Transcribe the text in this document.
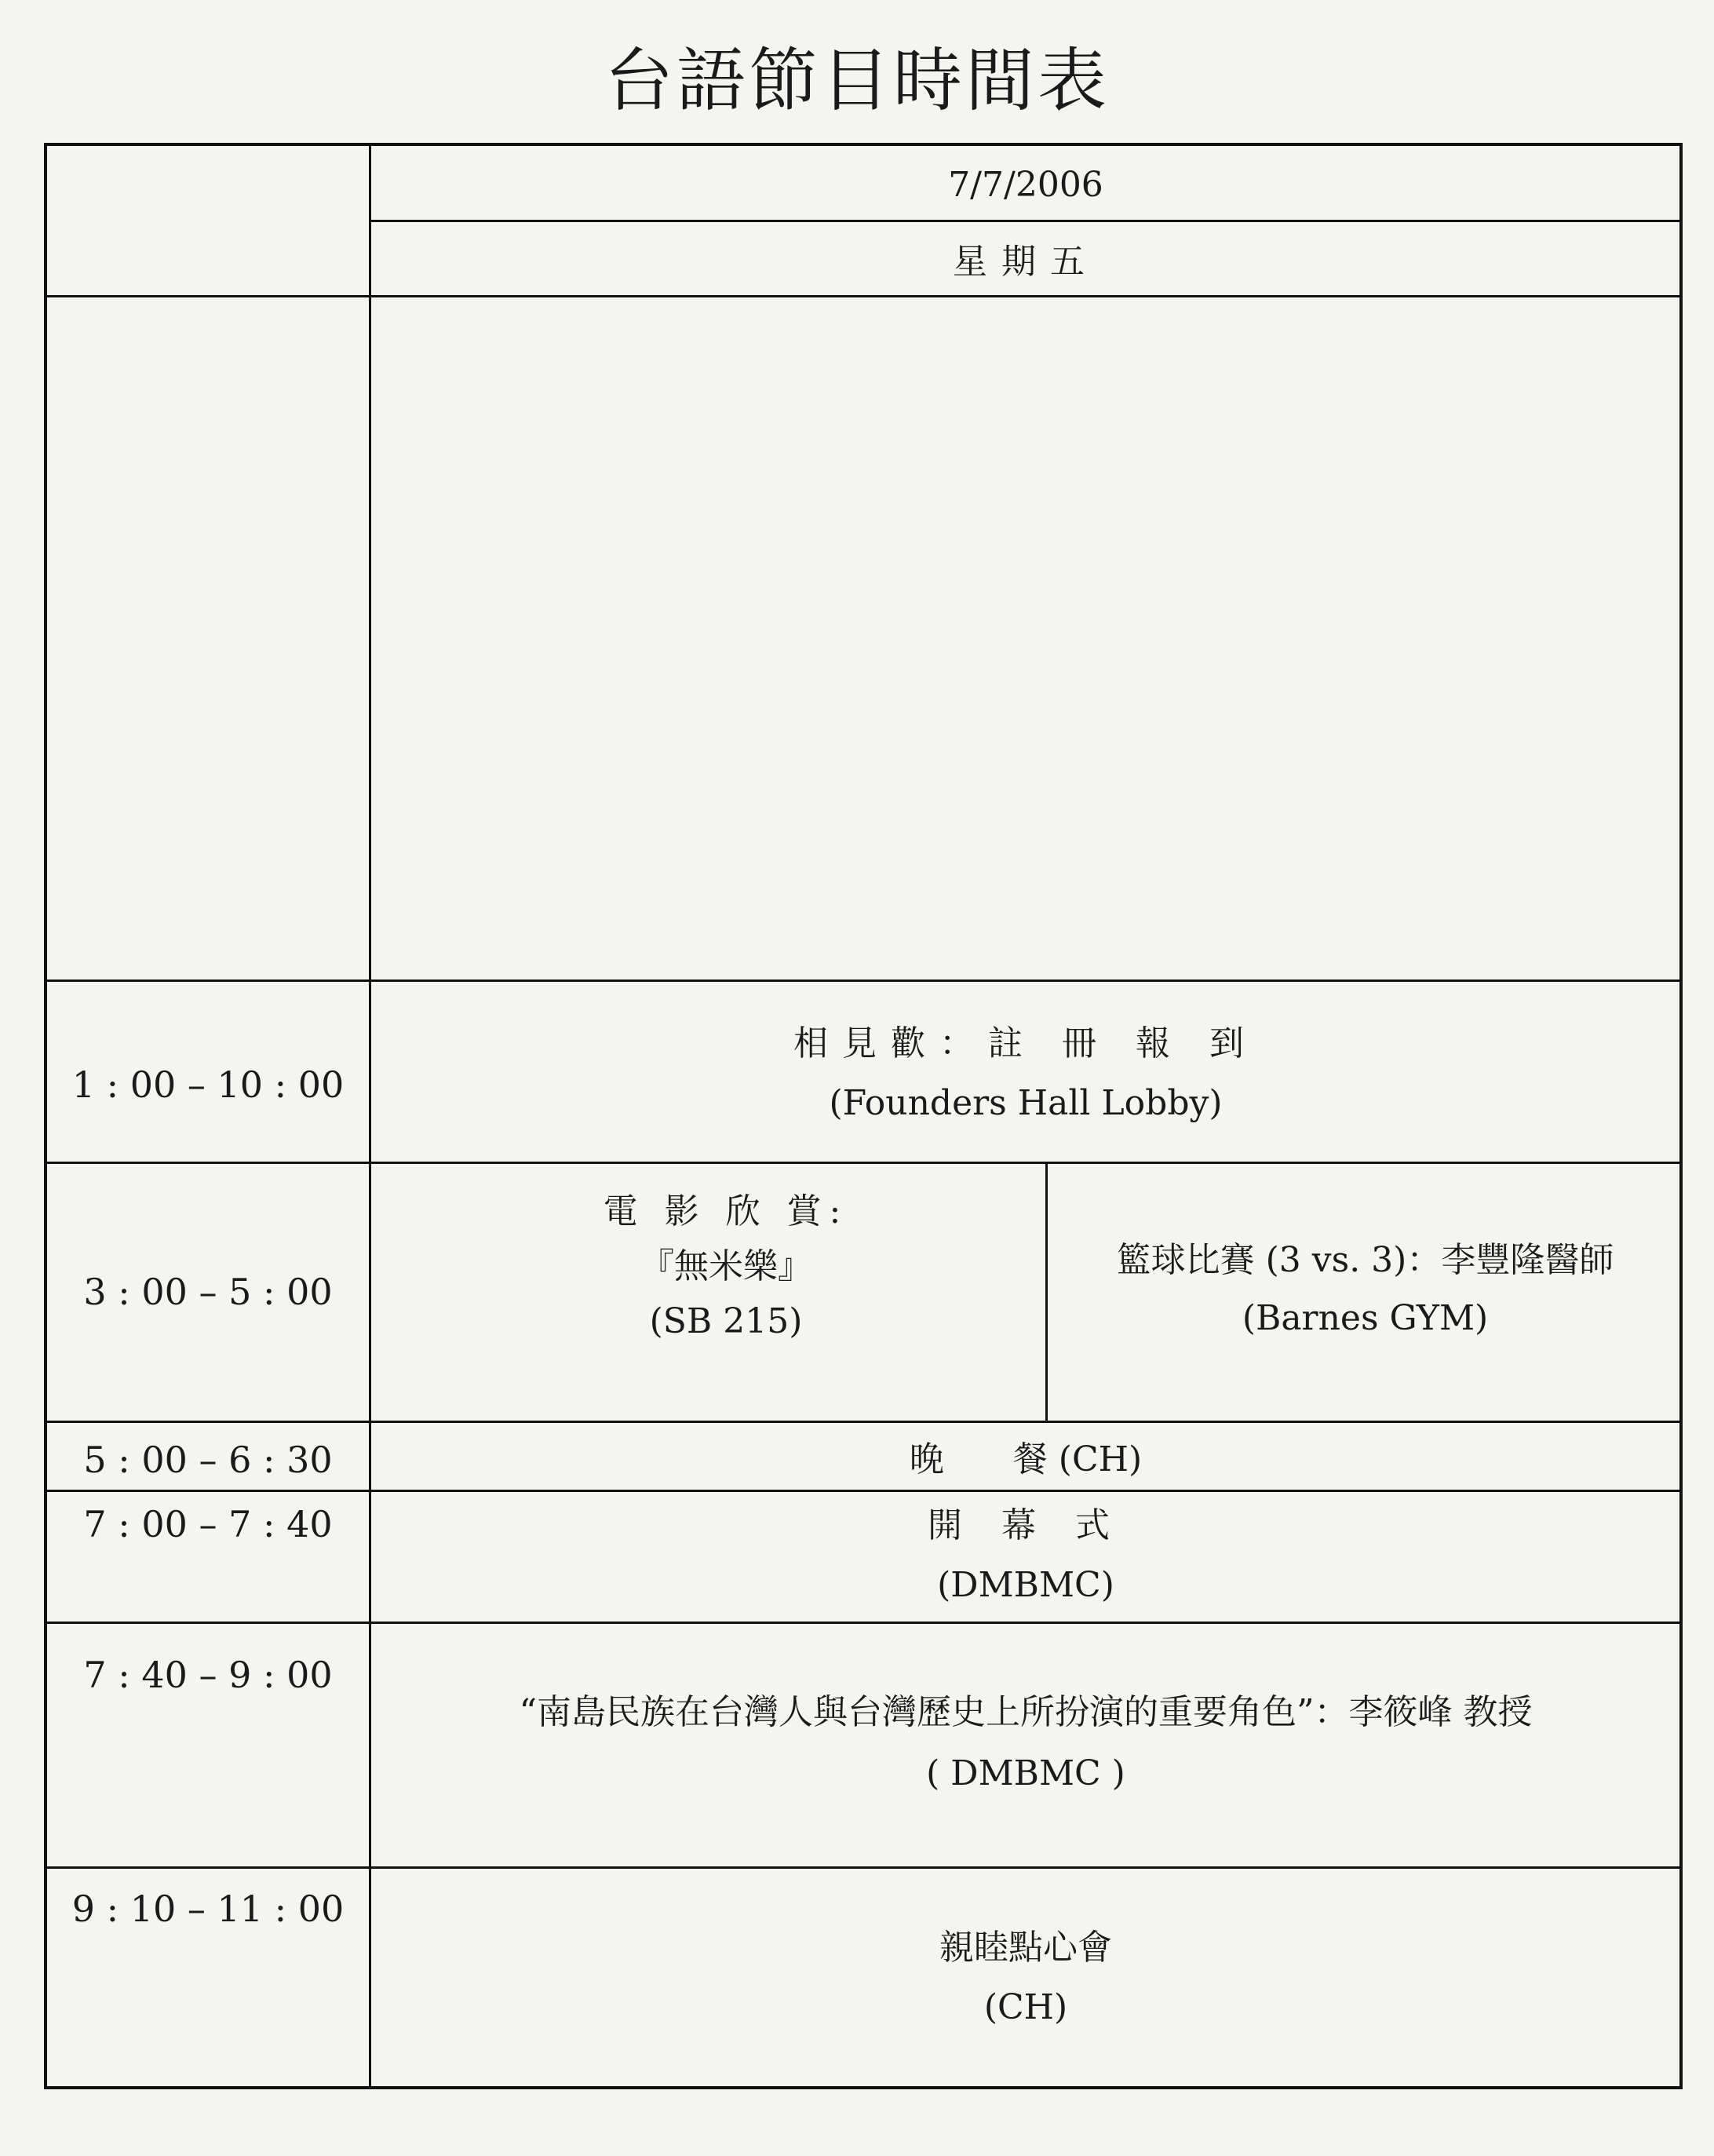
台語節目時間表
7/7/2006
星期五
1 : 00 – 10 : 00
相見歡：註 冊 報 到
(Founders Hall Lobby)
3 : 00 – 5 : 00
電 影 欣 賞:
『無米樂』
(SB 215)
籃球比賽 (3 vs. 3)：李豐隆醫師
(Barnes GYM)
5 : 00 – 6 : 30	晚　　餐 (CH)
7 : 00 – 7 : 40	開 幕 式
(DMBMC)
7 : 40 – 9 : 00
“南島民族在台灣人與台灣歷史上所扮演的重要角色”：李筱峰 教授
( DMBMC )
9 : 10 – 11 : 00
親睦點心會
(CH)
